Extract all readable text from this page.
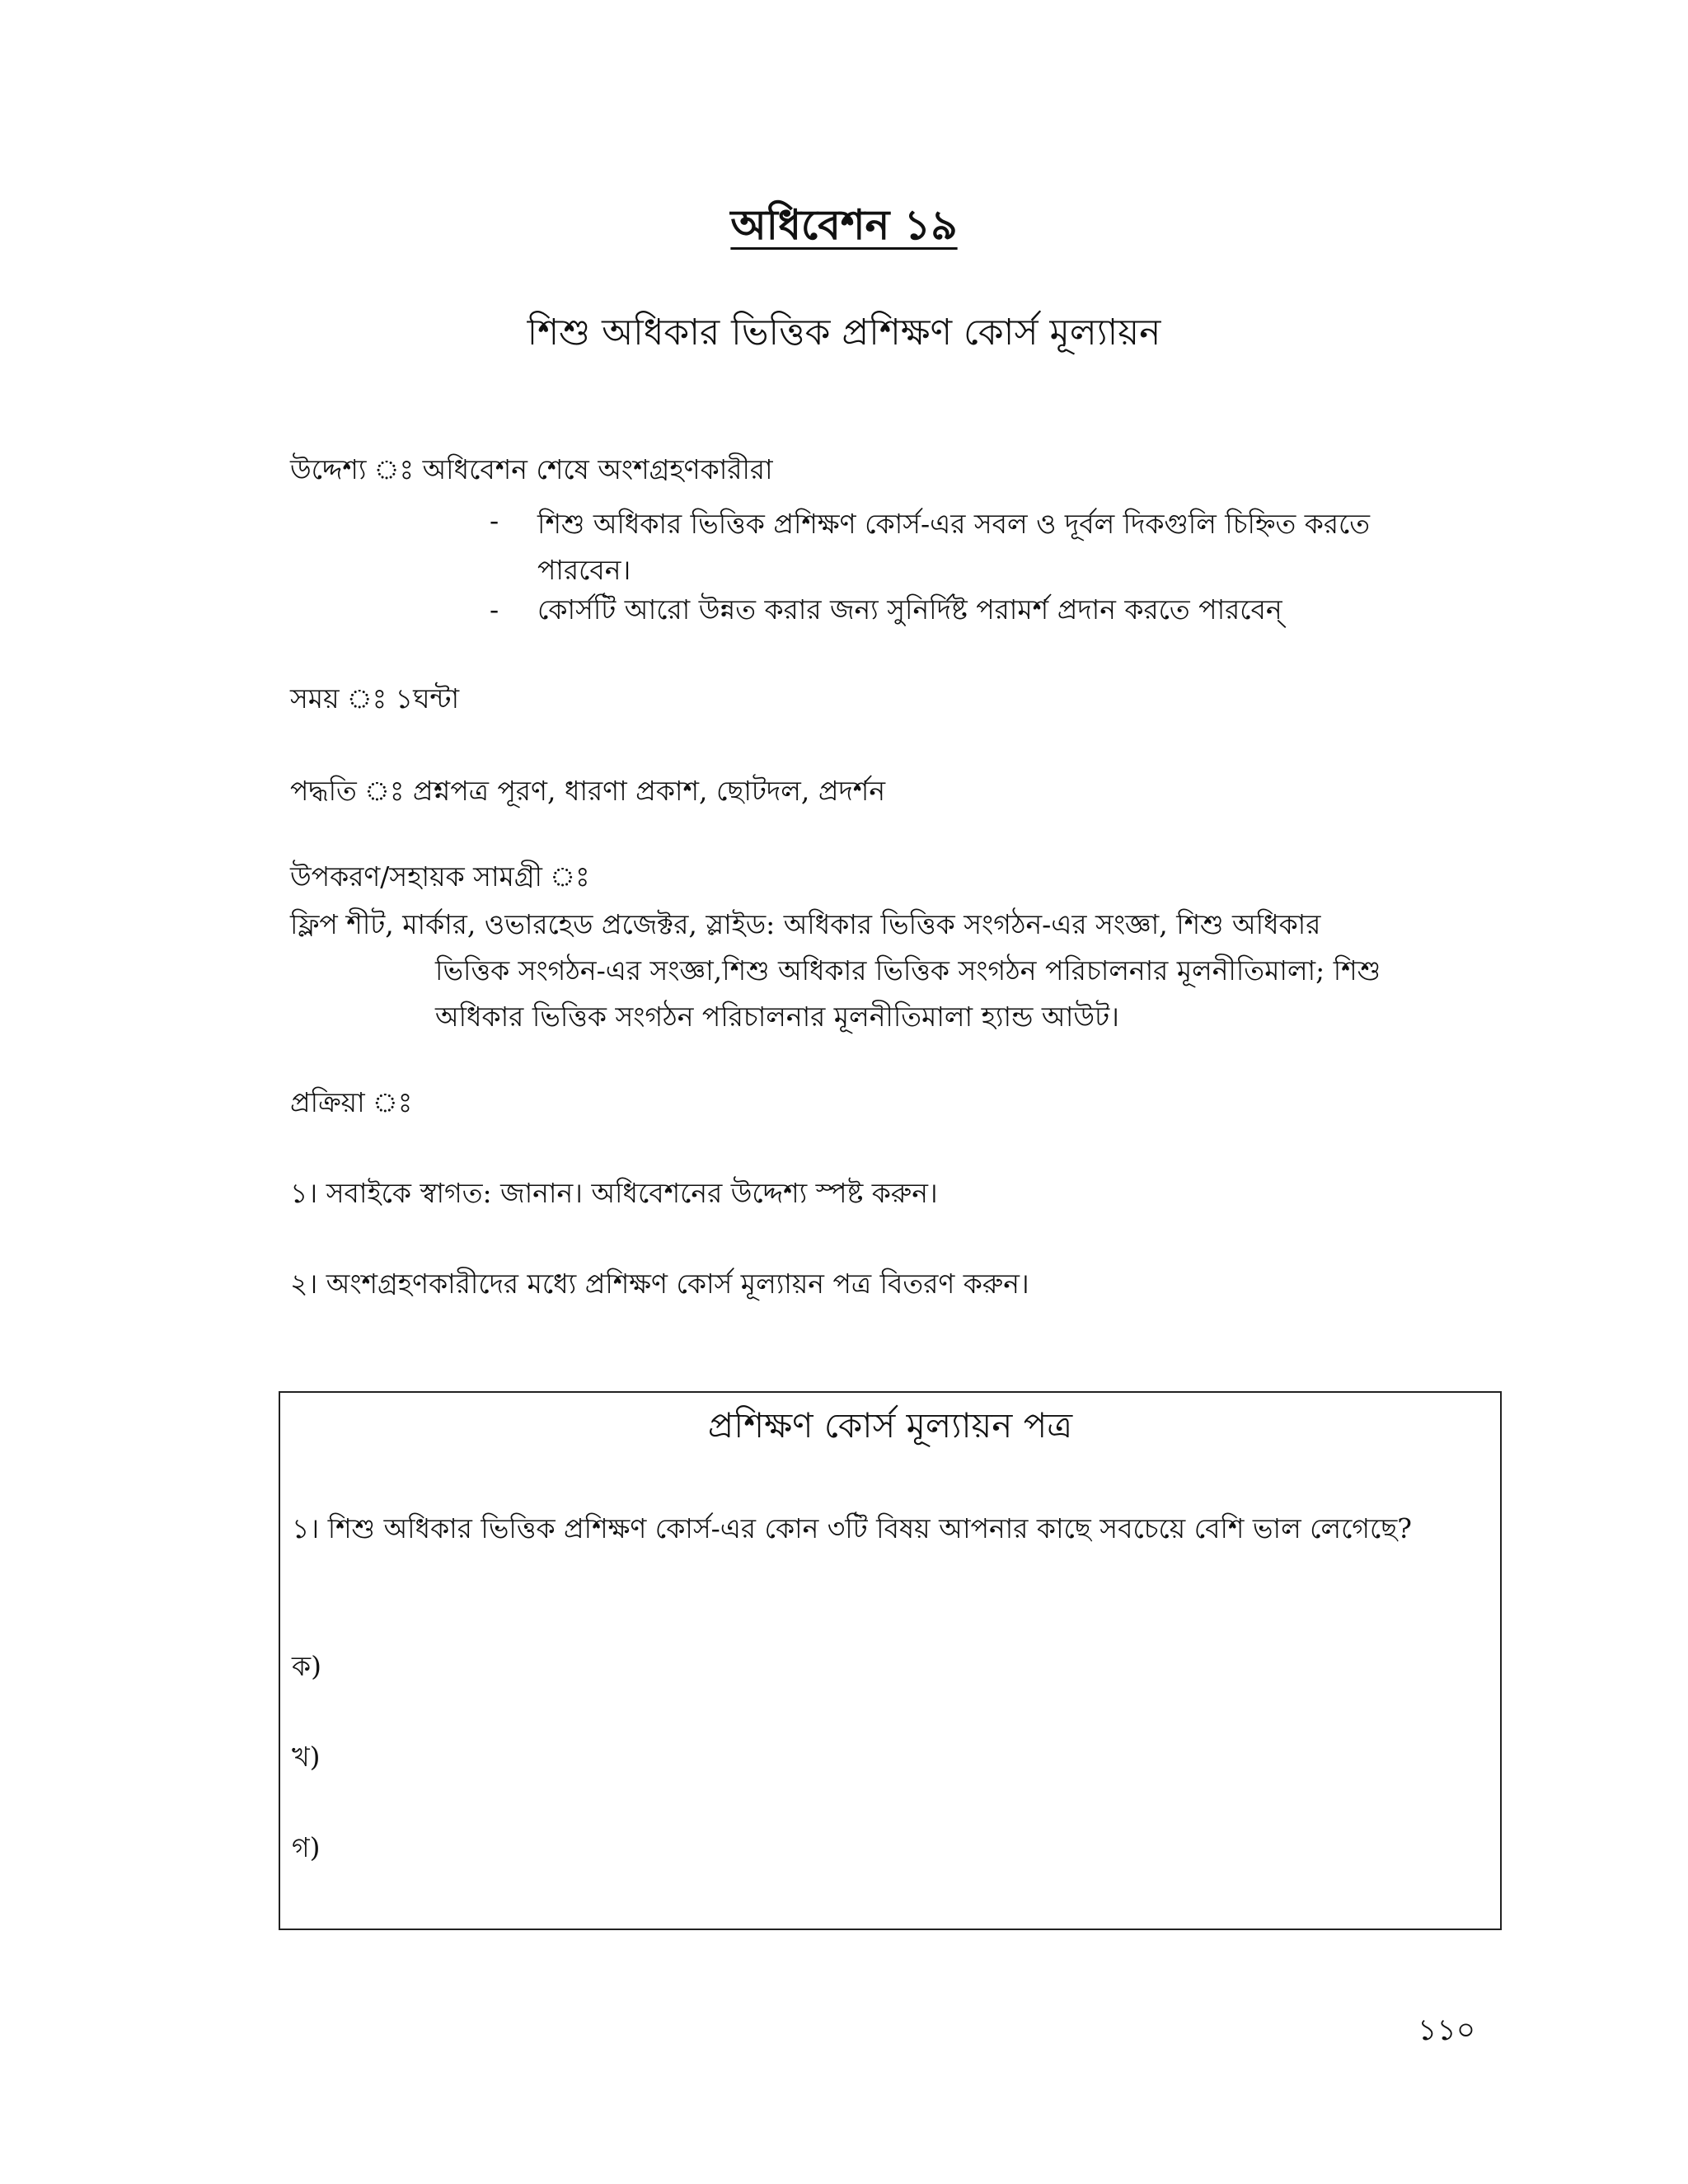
অধিবেশন ১৯
শিশু অধিকার ভিত্তিক প্রশিক্ষণ কোর্স মূল্যায়ন
উদ্দেশ্য ঃ অধিবেশন শেষে অংশগ্রহণকারীরা
- শিশু অধিকার ভিত্তিক প্রশিক্ষণ কোর্স-এর সবল ও দূর্বল দিকগুলি চিহ্নিত করতে পারবেন।
- কোর্সটি আরো উন্নত করার জন্য সুনির্দিষ্ট পরামর্শ প্রদান করতে পারবেন্
সময় ঃ ১ঘন্টা
পদ্ধতি ঃ প্রশ্নপত্র পূরণ, ধারণা প্রকাশ, ছোটদল, প্রদর্শন
উপকরণ/সহায়ক সামগ্রী ঃ
ফ্লিপ শীট, মার্কার, ওভারহেড প্রজেক্টর, স্লাইড: অধিকার ভিত্তিক সংগঠন-এর সংজ্ঞা, শিশু অধিকার
ভিত্তিক সংগঠন-এর সংজ্ঞা,শিশু অধিকার ভিত্তিক সংগঠন পরিচালনার মূলনীতিমালা; শিশু অধিকার ভিত্তিক সংগঠন পরিচালনার মূলনীতিমালা হ্যান্ড আউট।
প্রক্রিয়া ঃ
১। সবাইকে স্বাগত: জানান। অধিবেশনের উদ্দেশ্য স্পষ্ট করুন।
২। অংশগ্রহণকারীদের মধ্যে প্রশিক্ষণ কোর্স মূল্যায়ন পত্র বিতরণ করুন।
প্রশিক্ষণ কোর্স মূল্যায়ন পত্র
১। শিশু অধিকার ভিত্তিক প্রশিক্ষণ কোর্স-এর কোন ৩টি বিষয় আপনার কাছে সবচেয়ে বেশি ভাল লেগেছে?
ক)
খ)
গ)
১১০
